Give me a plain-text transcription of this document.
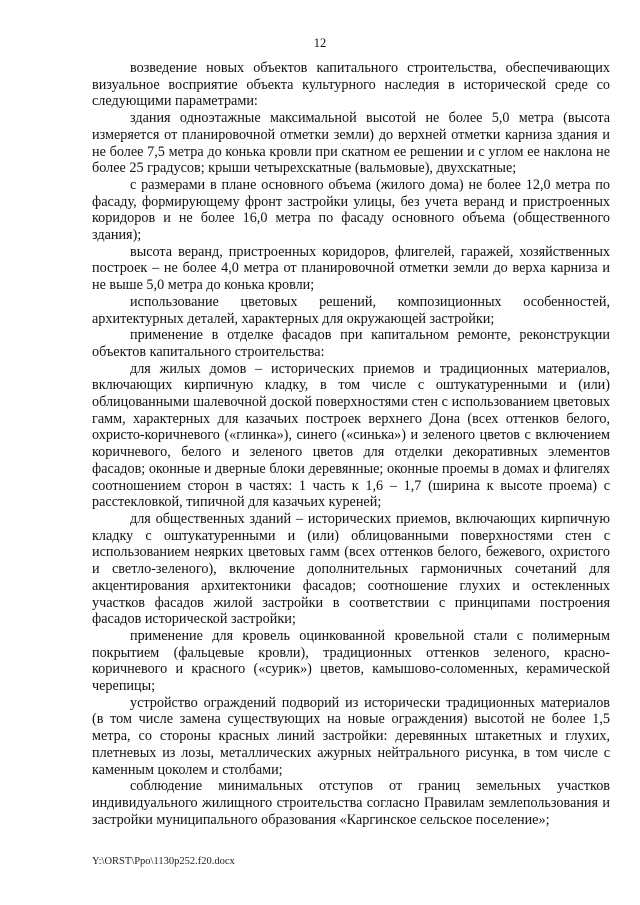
12

возведение новых объектов капитального строительства, обеспечивающих визуальное восприятие объекта культурного наследия в исторической среде со следующими параметрами:

здания одноэтажные максимальной высотой не более 5,0 метра (высота измеряется от планировочной отметки земли) до верхней отметки карниза здания и не более 7,5 метра до конька кровли при скатном ее решении и с углом ее наклона не более 25 градусов; крыши четырехскатные (вальмовые), двухскатные;

с размерами в плане основного объема (жилого дома) не более 12,0 метра по фасаду, формирующему фронт застройки улицы, без учета веранд и пристроенных коридоров и не более 16,0 метра по фасаду основного объема (общественного здания);

высота веранд, пристроенных коридоров, флигелей, гаражей, хозяйственных построек – не более 4,0 метра от планировочной отметки земли до верха карниза и не выше 5,0 метра до конька кровли;

использование цветовых решений, композиционных особенностей, архитектурных деталей, характерных для окружающей застройки;

применение в отделке фасадов при капитальном ремонте, реконструкции объектов капитального строительства:

для жилых домов – исторических приемов и традиционных материалов, включающих кирпичную кладку, в том числе с оштукатуренными и (или) облицованными шалевочной доской поверхностями стен с использованием цветовых гамм, характерных для казачьих построек верхнего Дона (всех оттенков белого, охристо-коричневого («глинка»), синего («синька») и зеленого цветов с включением коричневого, белого и зеленого цветов для отделки декоративных элементов фасадов; оконные и дверные блоки деревянные; оконные проемы в домах и флигелях соотношением сторон в частях: 1 часть к 1,6 – 1,7 (ширина к высоте проема) с расстекловкой, типичной для казачьих куреней;

для общественных зданий – исторических приемов, включающих кирпичную кладку с оштукатуренными и (или) облицованными поверхностями стен с использованием неярких цветовых гамм (всех оттенков белого, бежевого, охристого и светло-зеленого), включение дополнительных гармоничных сочетаний для акцентирования архитектоники фасадов; соотношение глухих и остекленных участков фасадов жилой застройки в соответствии с принципами построения фасадов исторической застройки;

применение для кровель оцинкованной кровельной стали с полимерным покрытием (фальцевые кровли), традиционных оттенков зеленого, красно-коричневого и красного («сурик») цветов, камышово-соломенных, керамической черепицы;

устройство ограждений подворий из исторически традиционных материалов (в том числе замена существующих на новые ограждения) высотой не более 1,5 метра, со стороны красных линий застройки: деревянных штакетных и глухих, плетневых из лозы, металлических ажурных нейтрального рисунка, в том числе с каменным цоколем и столбами;

соблюдение минимальных отступов от границ земельных участков индивидуального жилищного строительства согласно Правилам землепользования и застройки муниципального образования «Каргинское сельское поселение»;

Y:\ORST\Ppo\1130p252.f20.docx
